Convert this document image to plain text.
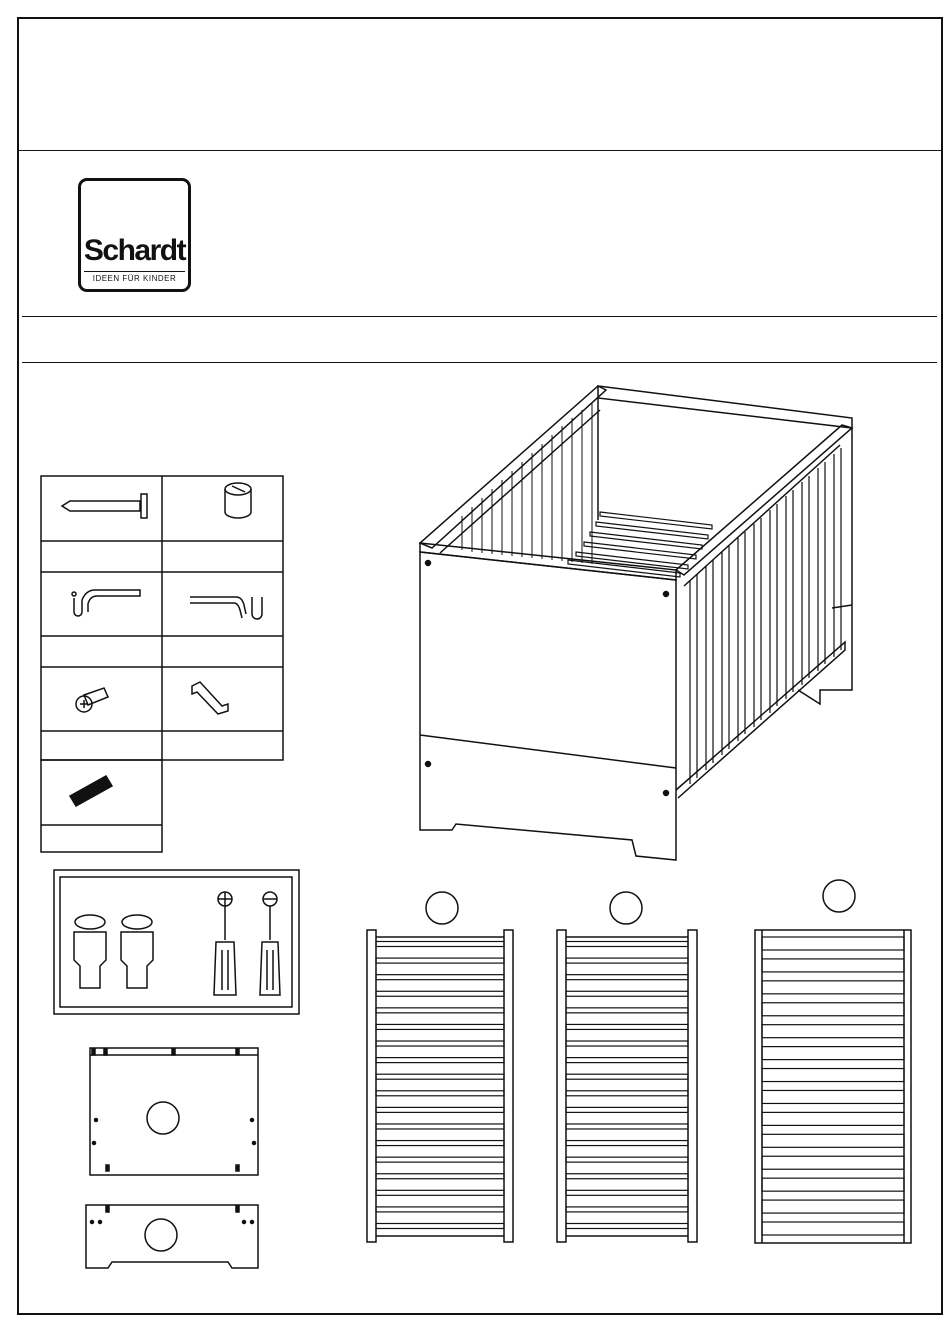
Schardt
IDEEN FÜR KINDER
